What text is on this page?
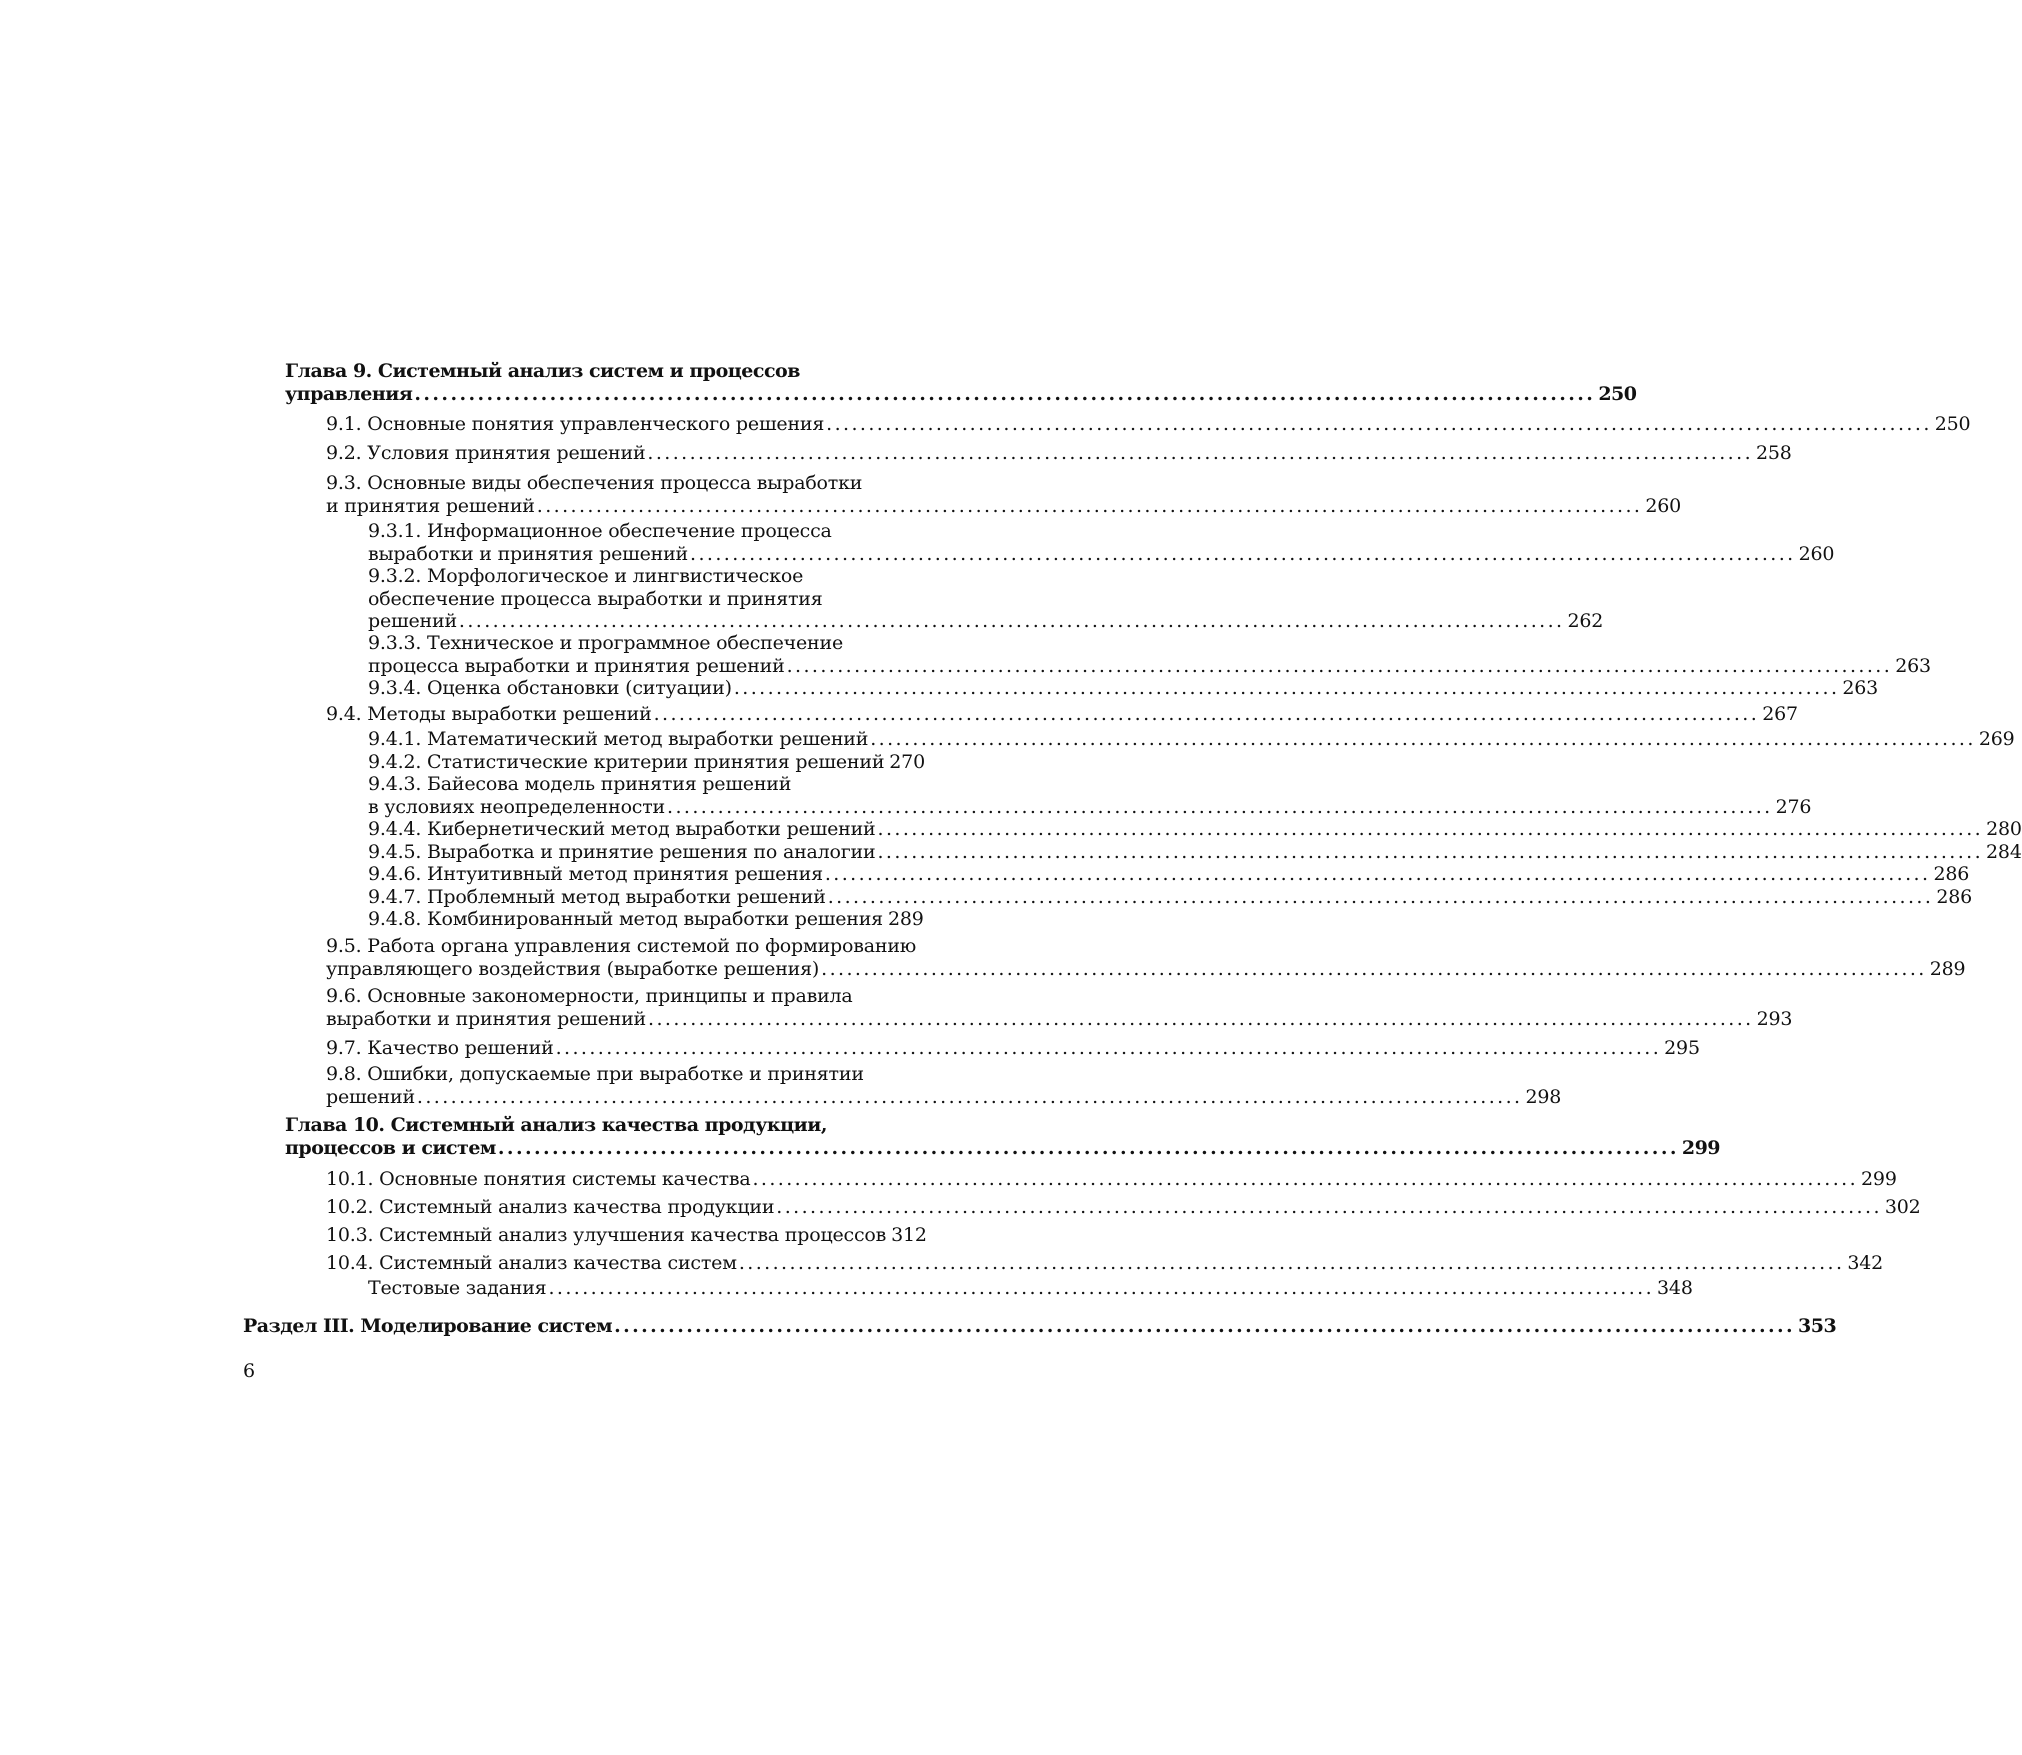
Глава 9. Системный анализ систем и процессов
управления ................................................................................................................................... 250
9.1. Основные понятия управленческого решения ................................................................................................................................... 250
9.2. Условия принятия решений ................................................................................................................................... 258
9.3. Основные виды обеспечения процесса выработки
и принятия решений ................................................................................................................................... 260
9.3.1. Информационное обеспечение процесса
выработки и принятия решений ................................................................................................................................... 260
9.3.2. Морфологическое и лингвистическое
обеспечение процесса выработки и принятия
решений ................................................................................................................................... 262
9.3.3. Техническое и программное обеспечение
процесса выработки и принятия решений ................................................................................................................................... 263
9.3.4. Оценка обстановки (ситуации) ................................................................................................................................... 263
9.4. Методы выработки решений ................................................................................................................................... 267
9.4.1. Математический метод выработки решений ................................................................................................................................... 269
9.4.2. Статистические критерии принятия решений 270
9.4.3. Байесова модель принятия решений
в условиях неопределенности ................................................................................................................................... 276
9.4.4. Кибернетический метод выработки решений ................................................................................................................................... 280
9.4.5. Выработка и принятие решения по аналогии ................................................................................................................................... 284
9.4.6. Интуитивный метод принятия решения ................................................................................................................................... 286
9.4.7. Проблемный метод выработки решений ................................................................................................................................... 286
9.4.8. Комбинированный метод выработки решения 289
9.5. Работа органа управления системой по формированию
управляющего воздействия (выработке решения) ................................................................................................................................... 289
9.6. Основные закономерности, принципы и правила
выработки и принятия решений ................................................................................................................................... 293
9.7. Качество решений ................................................................................................................................... 295
9.8. Ошибки, допускаемые при выработке и принятии
решений ................................................................................................................................... 298
Глава 10. Системный анализ качества продукции,
процессов и систем ................................................................................................................................... 299
10.1. Основные понятия системы качества ................................................................................................................................... 299
10.2. Системный анализ качества продукции ................................................................................................................................... 302
10.3. Системный анализ улучшения качества процессов 312
10.4. Системный анализ качества систем ................................................................................................................................... 342
Тестовые задания ................................................................................................................................... 348
Раздел III. Моделирование систем ................................................................................................................................... 353
6
